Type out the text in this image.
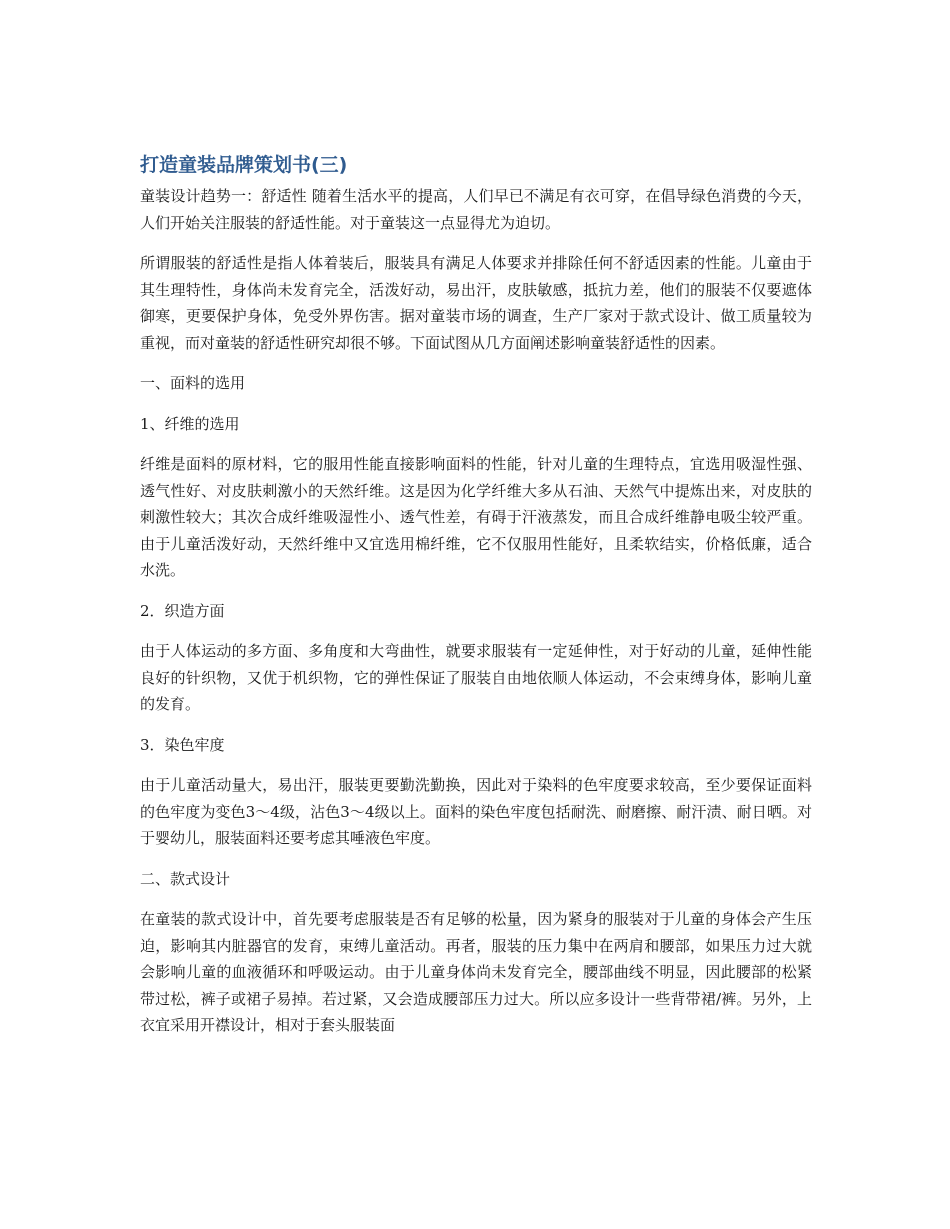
打造童装品牌策划书(三)

童装设计趋势一：舒适性 随着生活水平的提高，人们早已不满足有衣可穿，在倡导绿色消费的今天，人们开始关注服装的舒适性能。对于童装这一点显得尤为迫切。

所谓服装的舒适性是指人体着装后，服装具有满足人体要求并排除任何不舒适因素的性能。儿童由于其生理特性，身体尚未发育完全，活泼好动，易出汗，皮肤敏感，抵抗力差，他们的服装不仅要遮体御寒，更要保护身体，免受外界伤害。据对童装市场的调查，生产厂家对于款式设计、做工质量较为重视，而对童装的舒适性研究却很不够。下面试图从几方面阐述影响童装舒适性的因素。

一、面料的选用

1、纤维的选用

纤维是面料的原材料，它的服用性能直接影响面料的性能，针对儿童的生理特点，宜选用吸湿性强、透气性好、对皮肤刺激小的天然纤维。这是因为化学纤维大多从石油、天然气中提炼出来，对皮肤的刺激性较大；其次合成纤维吸湿性小、透气性差，有碍于汗液蒸发，而且合成纤维静电吸尘较严重。由于儿童活泼好动，天然纤维中又宜选用棉纤维，它不仅服用性能好，且柔软结实，价格低廉，适合水洗。

2．织造方面

由于人体运动的多方面、多角度和大弯曲性，就要求服装有一定延伸性，对于好动的儿童，延伸性能良好的针织物，又优于机织物，它的弹性保证了服装自由地依顺人体运动，不会束缚身体，影响儿童的发育。

3．染色牢度

由于儿童活动量大，易出汗，服装更要勤洗勤换，因此对于染料的色牢度要求较高，至少要保证面料的色牢度为变色3～4级，沾色3～4级以上。面料的染色牢度包括耐洗、耐磨擦、耐汗渍、耐日晒。对于婴幼儿，服装面料还要考虑其唾液色牢度。

二、款式设计

在童装的款式设计中，首先要考虑服装是否有足够的松量，因为紧身的服装对于儿童的身体会产生压迫，影响其内脏器官的发育，束缚儿童活动。再者，服装的压力集中在两肩和腰部，如果压力过大就会影响儿童的血液循环和呼吸运动。由于儿童身体尚未发育完全，腰部曲线不明显，因此腰部的松紧带过松，裤子或裙子易掉。若过紧，又会造成腰部压力过大。所以应多设计一些背带裙/裤。另外，上衣宜采用开襟设计，相对于套头服装面
